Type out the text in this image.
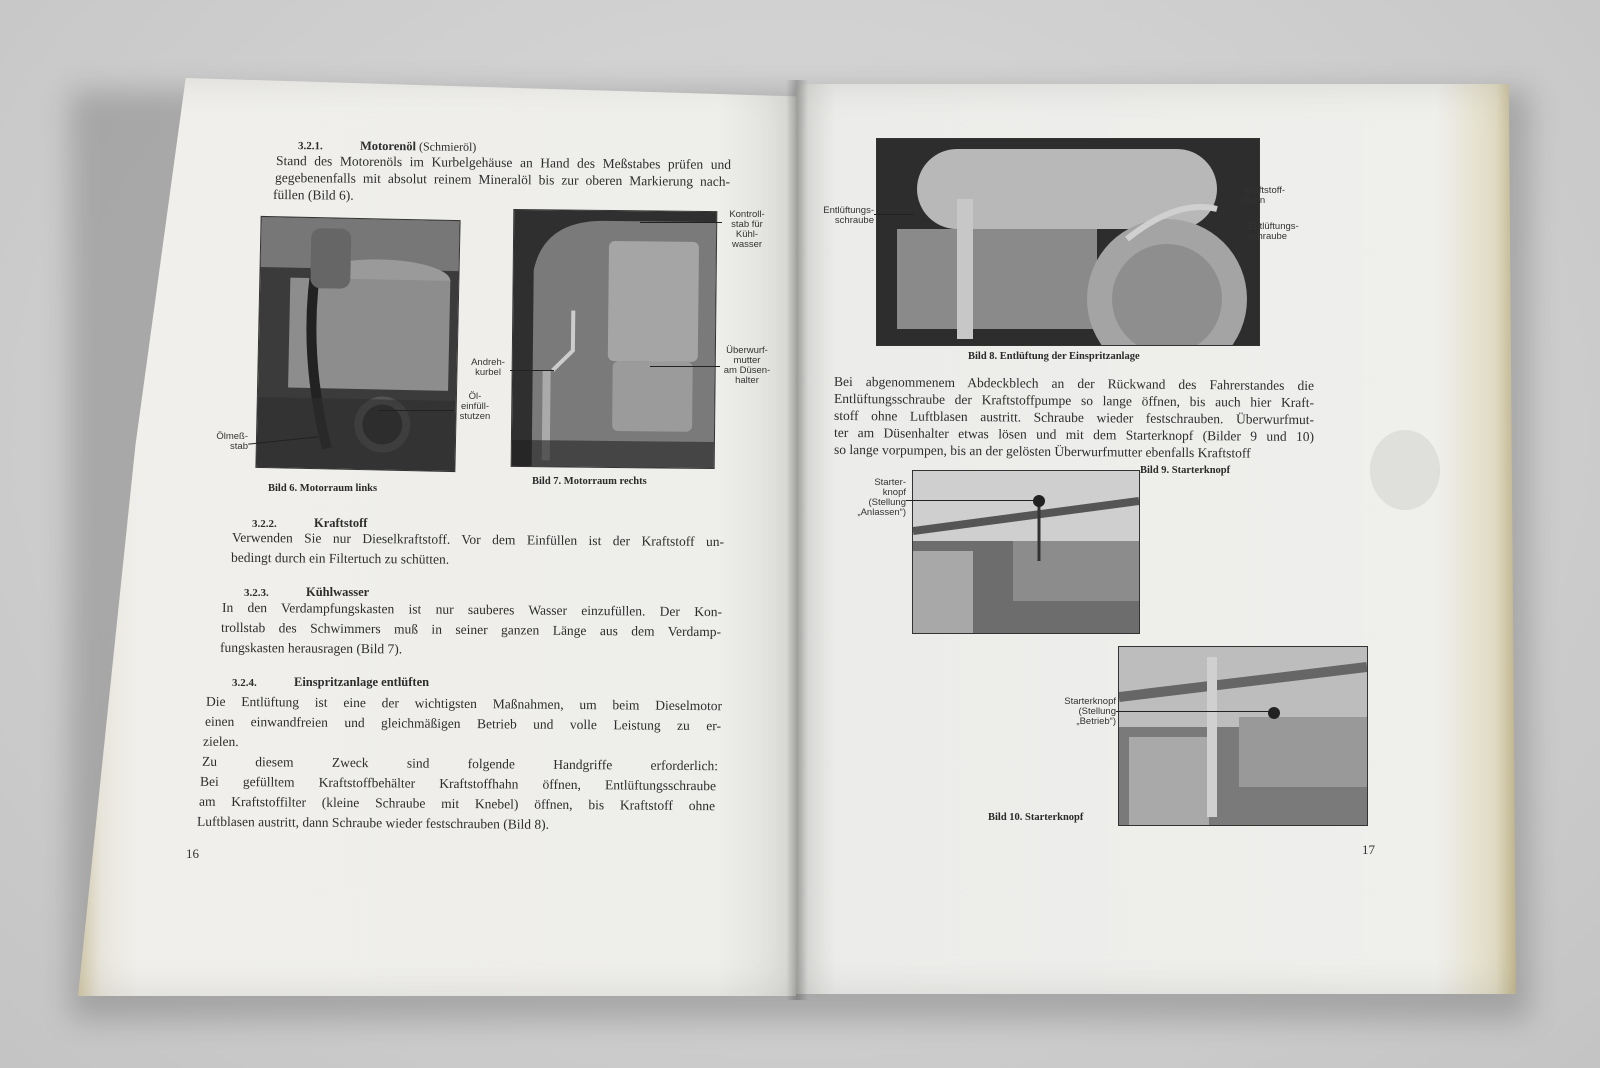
3.2.1.	Motorenöl (Schmieröl)
Stand des Motorenöls im Kurbelgehäuse an Hand des Meßstabes prüfen und
gegebenenfalls mit absolut reinem Mineralöl bis zur oberen Markierung nach-
füllen (Bild 6).
Ölmeß-
stab
Öl-
einfüll-
stutzen
Bild 6. Motorraum links
Kontroll-
stab für
Kühl-
wasser
Andreh-
kurbel
Überwurf-
mutter
am Düsen-
halter
Bild 7. Motorraum rechts
3.2.2.	Kraftstoff
Verwenden Sie nur Dieselkraftstoff. Vor dem Einfüllen ist der Kraftstoff un-
bedingt durch ein Filtertuch zu schütten.
3.2.3.	Kühlwasser
In den Verdampfungskasten ist nur sauberes Wasser einzufüllen. Der Kon-
trollstab des Schwimmers muß in seiner ganzen Länge aus dem Verdamp-
fungskasten herausragen (Bild 7).
3.2.4.	Einspritzanlage entlüften
Die Entlüftung ist eine der wichtigsten Maßnahmen, um beim Dieselmotor
einen einwandfreien und gleichmäßigen Betrieb und volle Leistung zu er-
zielen.
Zu diesem Zweck sind folgende Handgriffe erforderlich:
Bei gefülltem Kraftstoffbehälter Kraftstoffhahn öffnen, Entlüftungsschraube
am Kraftstoffilter (kleine Schraube mit Knebel) öffnen, bis Kraftstoff ohne
Luftblasen austritt, dann Schraube wieder festschrauben (Bild 8).
16
Entlüftungs-
schraube
Kraftstoff-
hahn
Entlüftungs-
schraube
Bild 8. Entlüftung der Einspritzanlage
Bei abgenommenem Abdeckblech an der Rückwand des Fahrerstandes die
Entlüftungsschraube der Kraftstoffpumpe so lange öffnen, bis auch hier Kraft-
stoff ohne Luftblasen austritt. Schraube wieder festschrauben. Überwurfmut-
ter am Düsenhalter etwas lösen und mit dem Starterknopf (Bilder 9 und 10)
so lange vorpumpen, bis an der gelösten Überwurfmutter ebenfalls Kraftstoff
Bild 9. Starterknopf
Starter-
knopf
(Stellung
„Anlassen“)
Starterknopf
(Stellung
„Betrieb“)
Bild 10. Starterknopf
17
